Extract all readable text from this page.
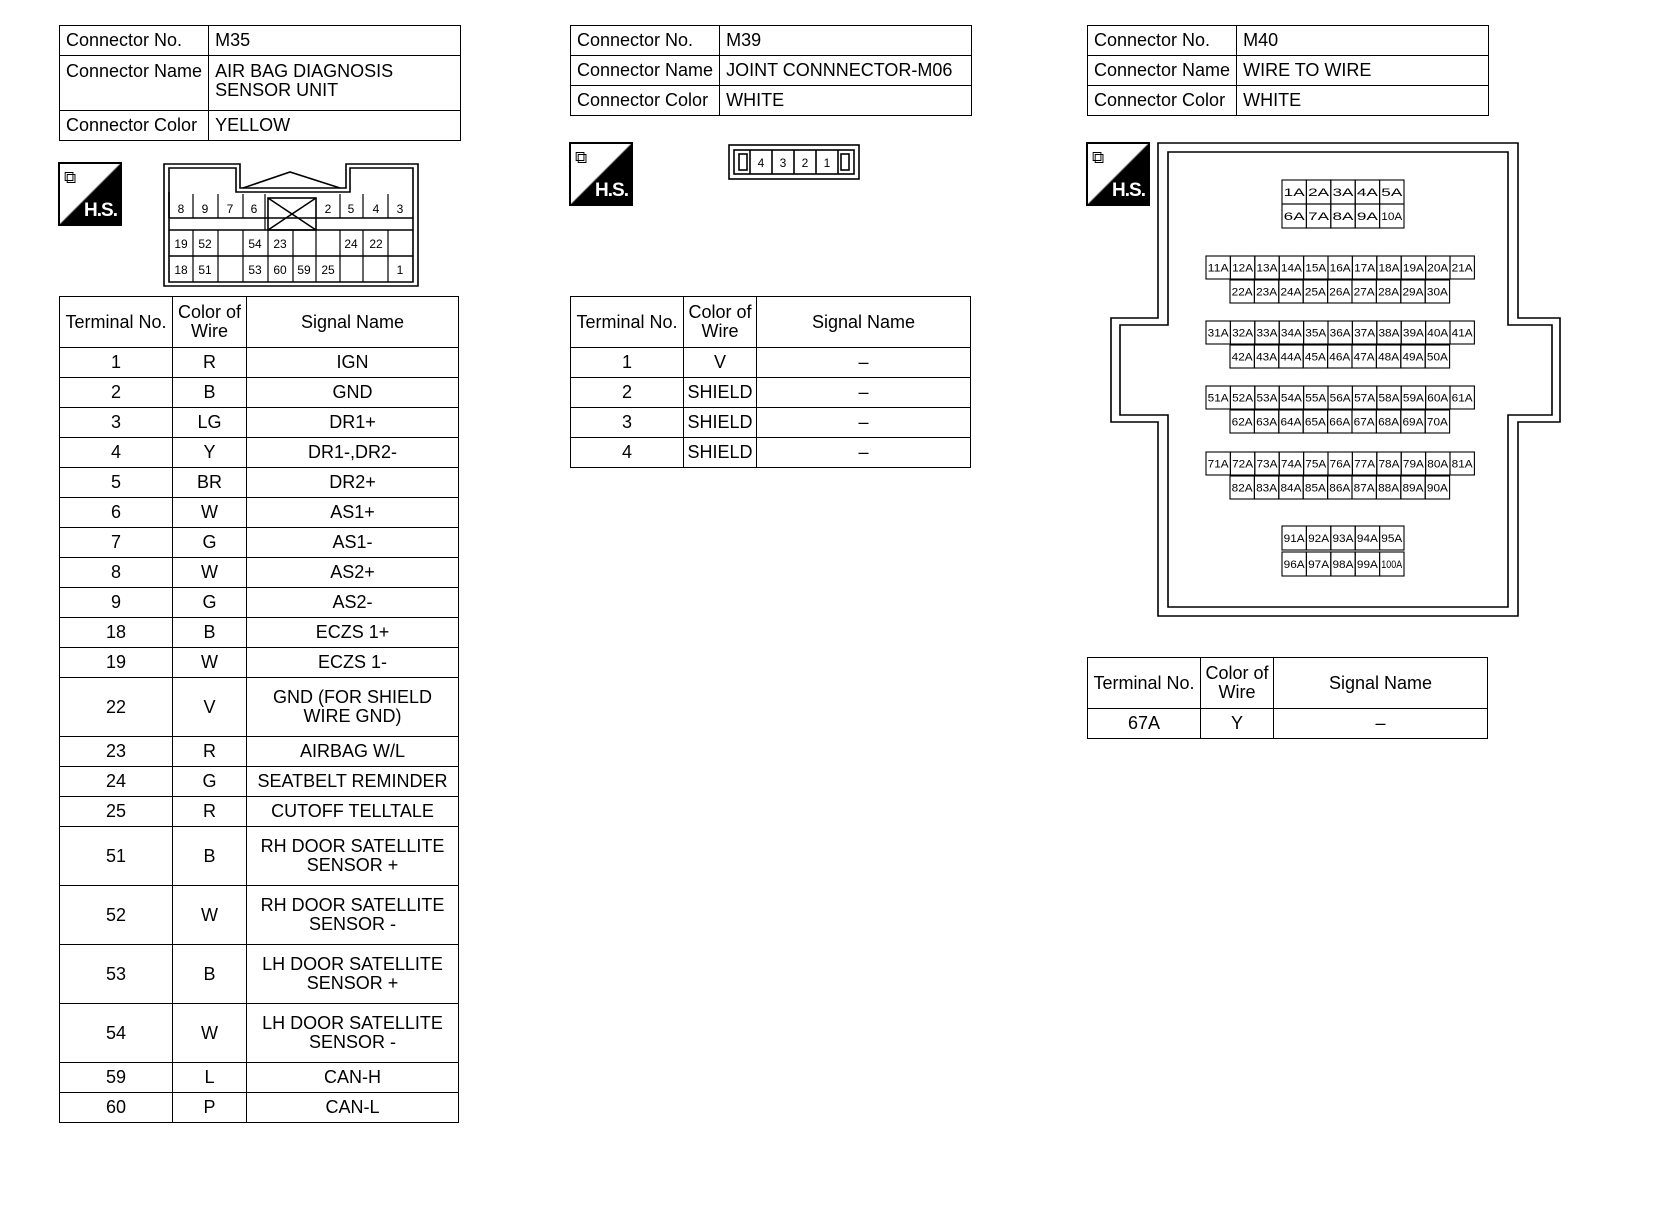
Connector No.	M35
Connector Name	AIR BAG DIAGNOSIS
SENSOR UNIT
Connector Color	YELLOW
⧉
H.S.	8 9 7 6	2 5 4 3
19 52	54 23	24 22
18 51	53 60 59 25	1
Terminal No.	Color of
Wire	Signal Name
1	R	IGN
2	B	GND
3	LG	DR1+
4	Y	DR1-,DR2-
5	BR	DR2+
6	W	AS1+
7	G	AS1-
8	W	AS2+
9	G	AS2-
18	B	ECZS 1+
19	W	ECZS 1-
22	V	GND (FOR SHIELD
WIRE GND)
23	R	AIRBAG W/L
24	G	SEATBELT REMINDER
25	R	CUTOFF TELLTALE
51	B	RH DOOR SATELLITE
SENSOR +
52	W	RH DOOR SATELLITE
SENSOR -
53	B	LH DOOR SATELLITE
SENSOR +
54	W	LH DOOR SATELLITE
SENSOR -
59	L	CAN-H
60	P	CAN-L
Connector No.	M39
Connector Name	JOINT CONNNECTOR-M06
Connector Color	WHITE
⧉
H.S.
4 3 2 1
Terminal No.	Color of
Wire	Signal Name
1	V	–
2	SHIELD	–
3	SHIELD	–
4	SHIELD	–
Connector No.	M40
Connector Name	WIRE TO WIRE
Connector Color	WHITE
⧉
H.S.	1A 2A 3A 4A 5A
6A 7A 8A 9A 10A
11A 12A 13A 14A 15A 16A 17A 18A 19A 20A 21A
22A 23A 24A 25A 26A 27A 28A 29A 30A
31A 32A 33A 34A 35A 36A 37A 38A 39A 40A 41A
42A 43A 44A 45A 46A 47A 48A 49A 50A
51A 52A 53A 54A 55A 56A 57A 58A 59A 60A 61A
62A 63A 64A 65A 66A 67A 68A 69A 70A
71A 72A 73A 74A 75A 76A 77A 78A 79A 80A 81A
82A 83A 84A 85A 86A 87A 88A 89A 90A
91A 92A 93A 94A 95A
96A 97A 98A 99A 100A
Terminal No.	Color of
Wire	Signal Name
67A	Y	–
